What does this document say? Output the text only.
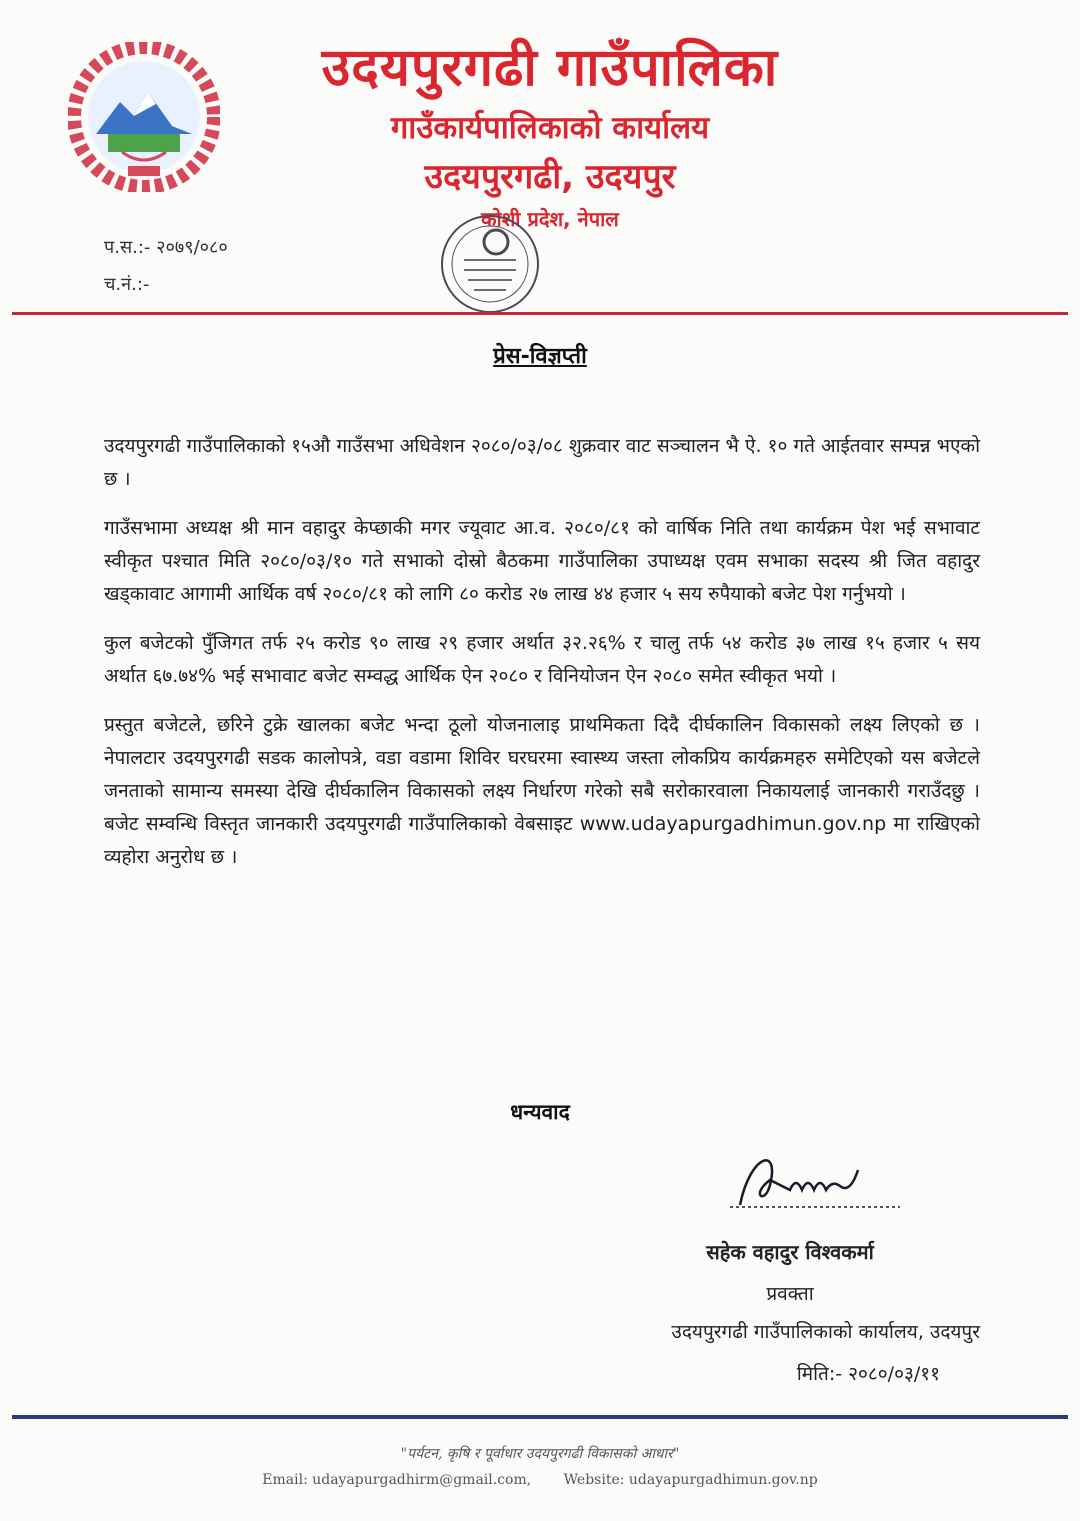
उदयपुरगढी गाउँपालिका
गाउँकार्यपालिकाको कार्यालय
उदयपुरगढी, उदयपुर
कोशी प्रदेश, नेपाल
प.स.:- २०७९/०८०
च.नं.:-
प्रेस-विज्ञप्ती

उदयपुरगढी गाउँपालिकाको १५औ गाउँसभा अधिवेशन २०८०/०३/०८ शुक्रवार वाट सञ्चालन भै ऐ. १० गते आईतवार सम्पन्न भएको छ ।

गाउँसभामा अध्यक्ष श्री मान वहादुर केप्छाकी मगर ज्यूवाट आ.व. २०८०/८१ को वार्षिक निति तथा कार्यक्रम पेश भई सभावाट स्वीकृत पश्चात मिति २०८०/०३/१० गते सभाको दोस्रो बैठकमा गाउँपालिका उपाध्यक्ष एवम सभाका सदस्य श्री जित वहादुर खड्कावाट आगामी आर्थिक वर्ष २०८०/८१ को लागि ८० करोड २७ लाख ४४ हजार ५ सय रुपैयाको बजेट पेश गर्नुभयो ।

कुल बजेटको पुँजिगत तर्फ २५ करोड ९० लाख २९ हजार अर्थात ३२.२६% र चालु तर्फ ५४ करोड ३७ लाख १५ हजार ५ सय अर्थात ६७.७४% भई सभावाट बजेट सम्वद्ध आर्थिक ऐन २०८० र विनियोजन ऐन २०८० समेत स्वीकृत भयो ।

प्रस्तुत बजेटले, छरिने टुक्रे खालका बजेट भन्दा ठूलो योजनालाइ प्राथमिकता दिदै दीर्घकालिन विकासको लक्ष्य लिएको छ । नेपालटार उदयपुरगढी सडक कालोपत्रे, वडा वडामा शिविर घरघरमा स्वास्थ्य जस्ता लोकप्रिय कार्यक्रमहरु समेटिएको यस बजेटले जनताको सामान्य समस्या देखि दीर्घकालिन विकासको लक्ष्य निर्धारण गरेको सबै सरोकारवाला निकायलाई जानकारी गराउँदछु । बजेट सम्वन्धि विस्तृत जानकारी उदयपुरगढी गाउँपालिकाको वेबसाइट www.udayapurgadhimun.gov.np मा राखिएको व्यहोरा अनुरोध छ ।

धन्यवाद
सहेक वहादुर विश्वकर्मा
प्रवक्ता
उदयपुरगढी गाउँपालिकाको कार्यालय, उदयपुर
मिति:- २०८०/०३/११
"पर्यटन, कृषि र पूर्वाधार उदयपुरगढी विकासको आधार"
Email: udayapurgadhirm@gmail.com, Website: udayapurgadhimun.gov.np
